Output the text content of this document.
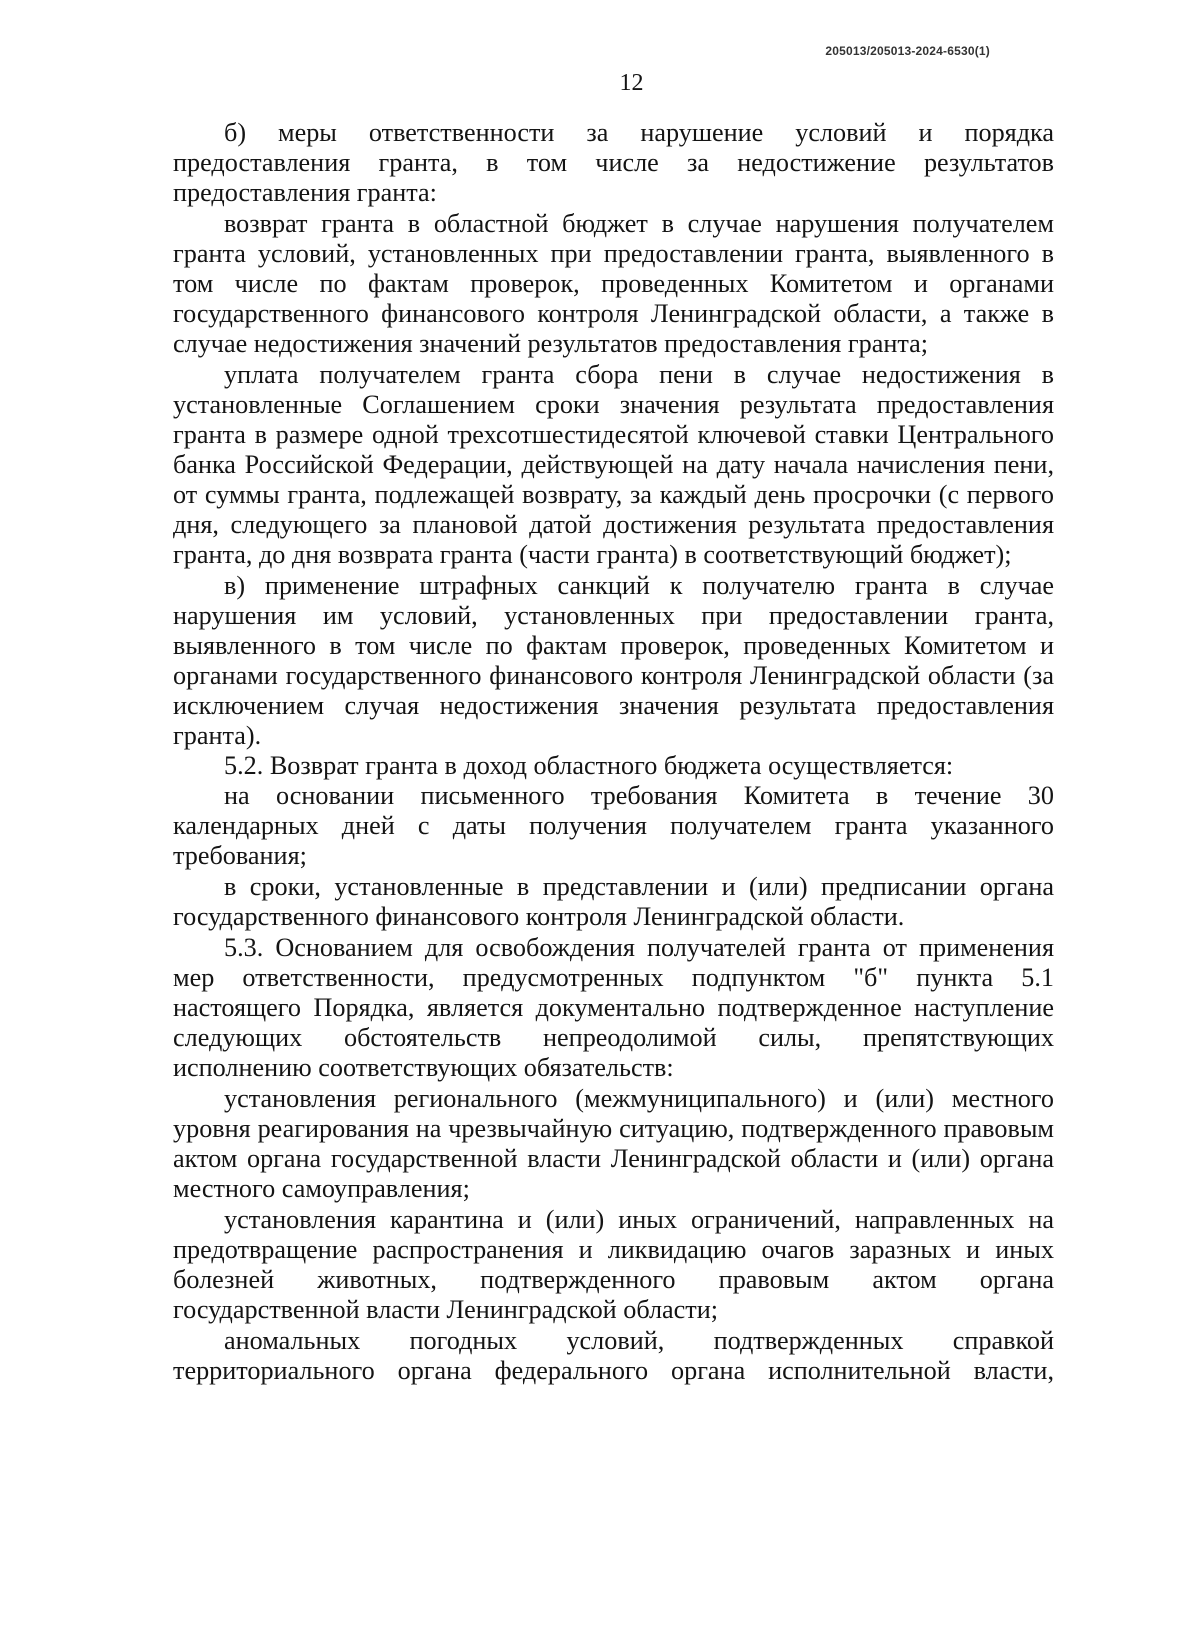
205013/205013-2024-6530(1)
12

б) меры ответственности за нарушение условий и порядка предоставления гранта, в том числе за недостижение результатов предоставления гранта:

возврат гранта в областной бюджет в случае нарушения получателем гранта условий, установленных при предоставлении гранта, выявленного в том числе по фактам проверок, проведенных Комитетом и органами государственного финансового контроля Ленинградской области, а также в случае недостижения значений результатов предоставления гранта;

уплата получателем гранта сбора пени в случае недостижения в установленные Соглашением сроки значения результата предоставления гранта в размере одной трехсотшестидесятой ключевой ставки Центрального банка Российской Федерации, действующей на дату начала начисления пени, от суммы гранта, подлежащей возврату, за каждый день просрочки (с первого дня, следующего за плановой датой достижения результата предоставления гранта, до дня возврата гранта (части гранта) в соответствующий бюджет);

в) применение штрафных санкций к получателю гранта в случае нарушения им условий, установленных при предоставлении гранта, выявленного в том числе по фактам проверок, проведенных Комитетом и органами государственного финансового контроля Ленинградской области (за исключением случая недостижения значения результата предоставления гранта).

5.2. Возврат гранта в доход областного бюджета осуществляется:

на основании письменного требования Комитета в течение 30 календарных дней с даты получения получателем гранта указанного требования;

в сроки, установленные в представлении и (или) предписании органа государственного финансового контроля Ленинградской области.

5.3. Основанием для освобождения получателей гранта от применения мер ответственности, предусмотренных подпунктом "б" пункта 5.1 настоящего Порядка, является документально подтвержденное наступление следующих обстоятельств непреодолимой силы, препятствующих исполнению соответствующих обязательств:

установления регионального (межмуниципального) и (или) местного уровня реагирования на чрезвычайную ситуацию, подтвержденного правовым актом органа государственной власти Ленинградской области и (или) органа местного самоуправления;

установления карантина и (или) иных ограничений, направленных на предотвращение распространения и ликвидацию очагов заразных и иных болезней животных, подтвержденного правовым актом органа государственной власти Ленинградской области;

аномальных погодных условий, подтвержденных справкой территориального органа федерального органа исполнительной власти,
